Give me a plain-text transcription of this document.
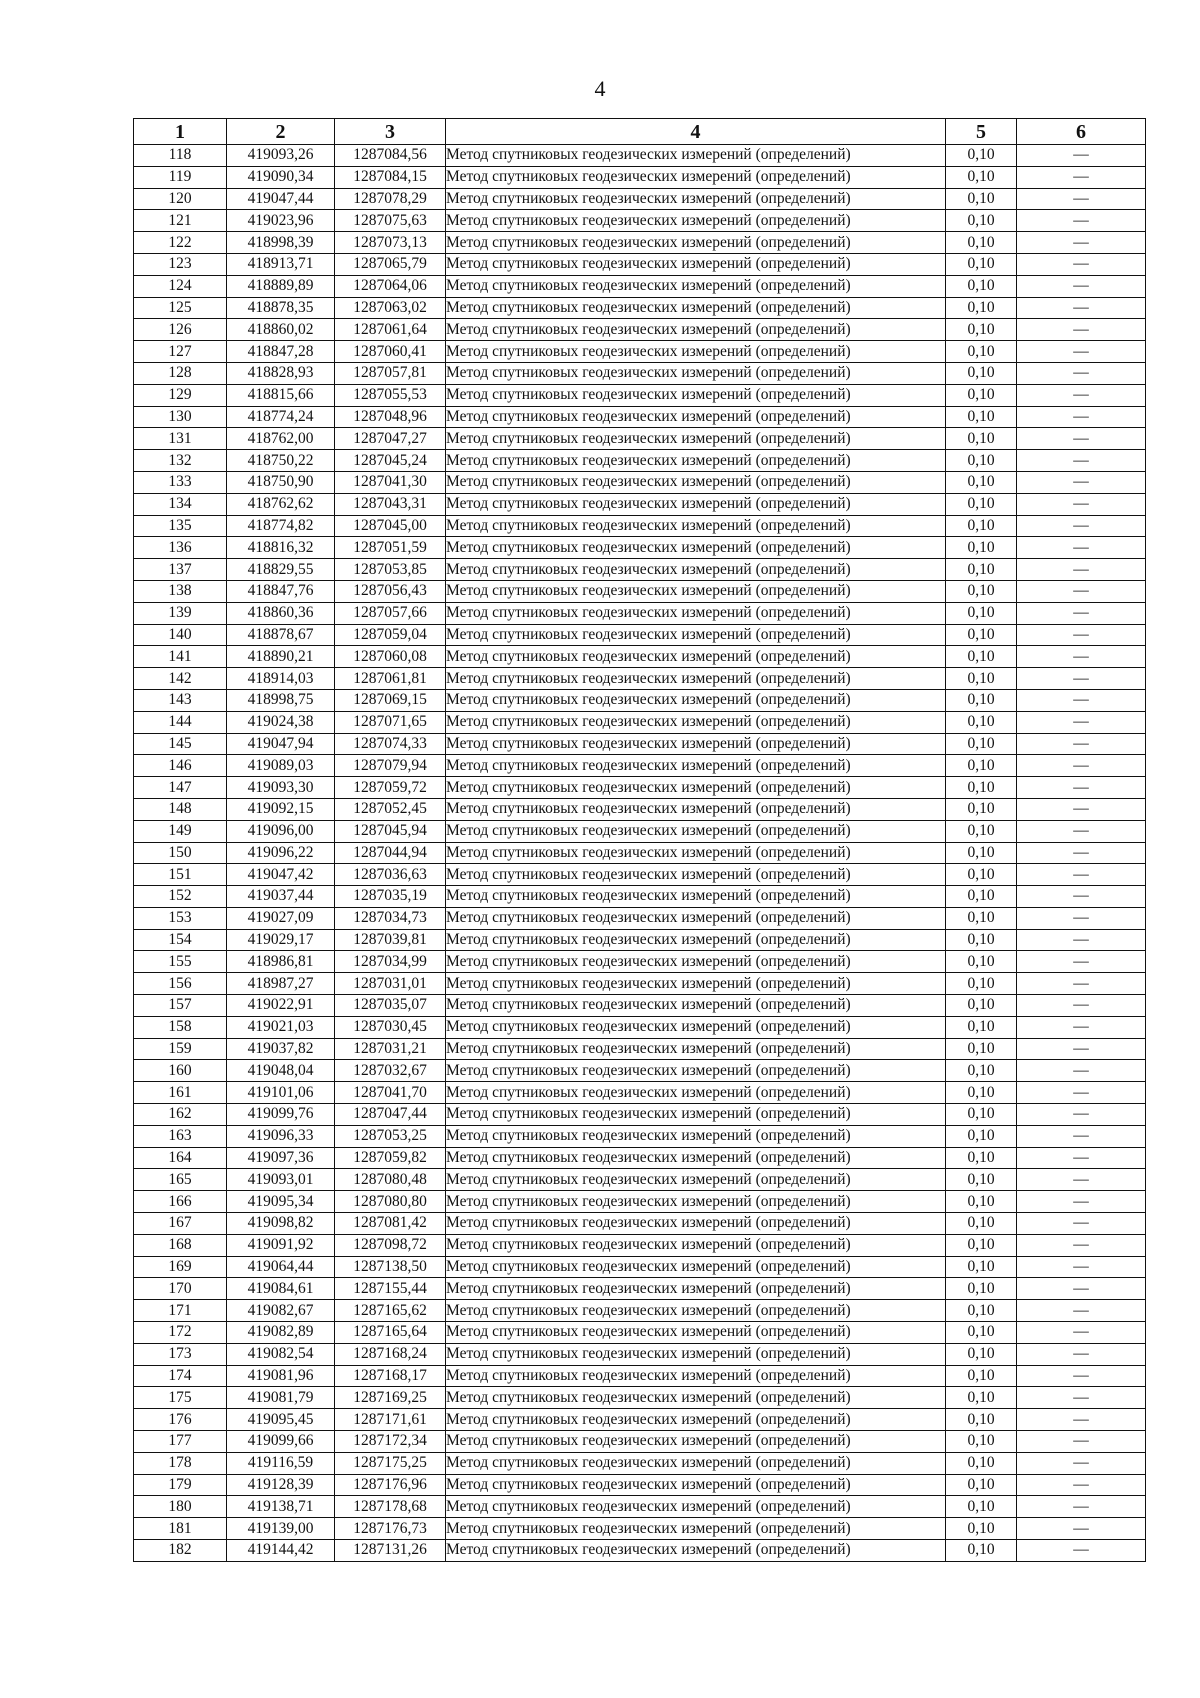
4
1	2	3	4	5	6
118	419093,26	1287084,56	Метод спутниковых геодезических измерений (определений)	0,10	—
119	419090,34	1287084,15	Метод спутниковых геодезических измерений (определений)	0,10	—
120	419047,44	1287078,29	Метод спутниковых геодезических измерений (определений)	0,10	—
121	419023,96	1287075,63	Метод спутниковых геодезических измерений (определений)	0,10	—
122	418998,39	1287073,13	Метод спутниковых геодезических измерений (определений)	0,10	—
123	418913,71	1287065,79	Метод спутниковых геодезических измерений (определений)	0,10	—
124	418889,89	1287064,06	Метод спутниковых геодезических измерений (определений)	0,10	—
125	418878,35	1287063,02	Метод спутниковых геодезических измерений (определений)	0,10	—
126	418860,02	1287061,64	Метод спутниковых геодезических измерений (определений)	0,10	—
127	418847,28	1287060,41	Метод спутниковых геодезических измерений (определений)	0,10	—
128	418828,93	1287057,81	Метод спутниковых геодезических измерений (определений)	0,10	—
129	418815,66	1287055,53	Метод спутниковых геодезических измерений (определений)	0,10	—
130	418774,24	1287048,96	Метод спутниковых геодезических измерений (определений)	0,10	—
131	418762,00	1287047,27	Метод спутниковых геодезических измерений (определений)	0,10	—
132	418750,22	1287045,24	Метод спутниковых геодезических измерений (определений)	0,10	—
133	418750,90	1287041,30	Метод спутниковых геодезических измерений (определений)	0,10	—
134	418762,62	1287043,31	Метод спутниковых геодезических измерений (определений)	0,10	—
135	418774,82	1287045,00	Метод спутниковых геодезических измерений (определений)	0,10	—
136	418816,32	1287051,59	Метод спутниковых геодезических измерений (определений)	0,10	—
137	418829,55	1287053,85	Метод спутниковых геодезических измерений (определений)	0,10	—
138	418847,76	1287056,43	Метод спутниковых геодезических измерений (определений)	0,10	—
139	418860,36	1287057,66	Метод спутниковых геодезических измерений (определений)	0,10	—
140	418878,67	1287059,04	Метод спутниковых геодезических измерений (определений)	0,10	—
141	418890,21	1287060,08	Метод спутниковых геодезических измерений (определений)	0,10	—
142	418914,03	1287061,81	Метод спутниковых геодезических измерений (определений)	0,10	—
143	418998,75	1287069,15	Метод спутниковых геодезических измерений (определений)	0,10	—
144	419024,38	1287071,65	Метод спутниковых геодезических измерений (определений)	0,10	—
145	419047,94	1287074,33	Метод спутниковых геодезических измерений (определений)	0,10	—
146	419089,03	1287079,94	Метод спутниковых геодезических измерений (определений)	0,10	—
147	419093,30	1287059,72	Метод спутниковых геодезических измерений (определений)	0,10	—
148	419092,15	1287052,45	Метод спутниковых геодезических измерений (определений)	0,10	—
149	419096,00	1287045,94	Метод спутниковых геодезических измерений (определений)	0,10	—
150	419096,22	1287044,94	Метод спутниковых геодезических измерений (определений)	0,10	—
151	419047,42	1287036,63	Метод спутниковых геодезических измерений (определений)	0,10	—
152	419037,44	1287035,19	Метод спутниковых геодезических измерений (определений)	0,10	—
153	419027,09	1287034,73	Метод спутниковых геодезических измерений (определений)	0,10	—
154	419029,17	1287039,81	Метод спутниковых геодезических измерений (определений)	0,10	—
155	418986,81	1287034,99	Метод спутниковых геодезических измерений (определений)	0,10	—
156	418987,27	1287031,01	Метод спутниковых геодезических измерений (определений)	0,10	—
157	419022,91	1287035,07	Метод спутниковых геодезических измерений (определений)	0,10	—
158	419021,03	1287030,45	Метод спутниковых геодезических измерений (определений)	0,10	—
159	419037,82	1287031,21	Метод спутниковых геодезических измерений (определений)	0,10	—
160	419048,04	1287032,67	Метод спутниковых геодезических измерений (определений)	0,10	—
161	419101,06	1287041,70	Метод спутниковых геодезических измерений (определений)	0,10	—
162	419099,76	1287047,44	Метод спутниковых геодезических измерений (определений)	0,10	—
163	419096,33	1287053,25	Метод спутниковых геодезических измерений (определений)	0,10	—
164	419097,36	1287059,82	Метод спутниковых геодезических измерений (определений)	0,10	—
165	419093,01	1287080,48	Метод спутниковых геодезических измерений (определений)	0,10	—
166	419095,34	1287080,80	Метод спутниковых геодезических измерений (определений)	0,10	—
167	419098,82	1287081,42	Метод спутниковых геодезических измерений (определений)	0,10	—
168	419091,92	1287098,72	Метод спутниковых геодезических измерений (определений)	0,10	—
169	419064,44	1287138,50	Метод спутниковых геодезических измерений (определений)	0,10	—
170	419084,61	1287155,44	Метод спутниковых геодезических измерений (определений)	0,10	—
171	419082,67	1287165,62	Метод спутниковых геодезических измерений (определений)	0,10	—
172	419082,89	1287165,64	Метод спутниковых геодезических измерений (определений)	0,10	—
173	419082,54	1287168,24	Метод спутниковых геодезических измерений (определений)	0,10	—
174	419081,96	1287168,17	Метод спутниковых геодезических измерений (определений)	0,10	—
175	419081,79	1287169,25	Метод спутниковых геодезических измерений (определений)	0,10	—
176	419095,45	1287171,61	Метод спутниковых геодезических измерений (определений)	0,10	—
177	419099,66	1287172,34	Метод спутниковых геодезических измерений (определений)	0,10	—
178	419116,59	1287175,25	Метод спутниковых геодезических измерений (определений)	0,10	—
179	419128,39	1287176,96	Метод спутниковых геодезических измерений (определений)	0,10	—
180	419138,71	1287178,68	Метод спутниковых геодезических измерений (определений)	0,10	—
181	419139,00	1287176,73	Метод спутниковых геодезических измерений (определений)	0,10	—
182	419144,42	1287131,26	Метод спутниковых геодезических измерений (определений)	0,10	—
